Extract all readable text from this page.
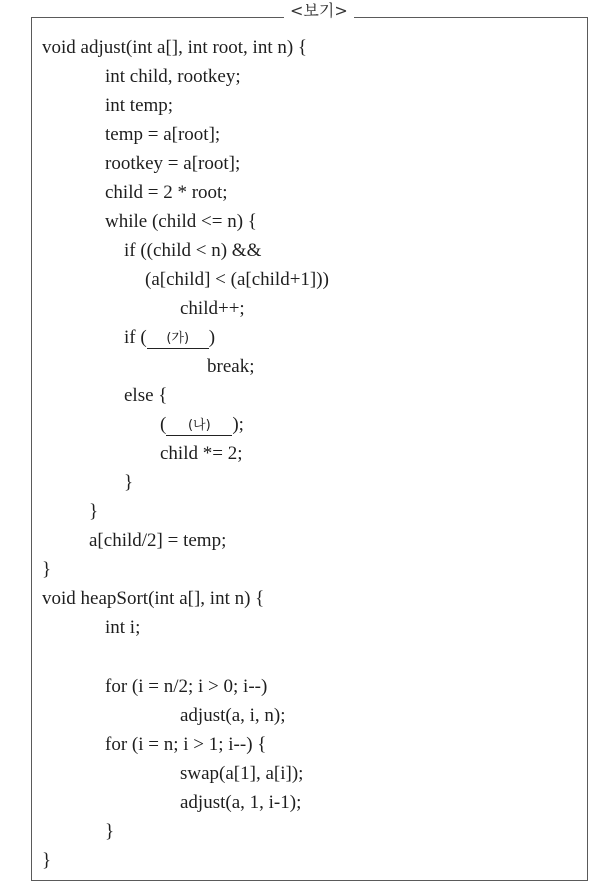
<보기>
void adjust(int a[], int root, int n) {
int child, rootkey;
int temp;
temp = a[root];
rootkey = a[root];
child = 2 * root;
while (child <= n) {
if ((child < n) &&
(a[child] < (a[child+1]))
child++;
if ( (가) )
break;
else {
( (나) );
child *= 2;
}
}
a[child/2] = temp;
}
void heapSort(int a[], int n) {
int i;
for (i = n/2; i > 0; i--)
adjust(a, i, n);
for (i = n; i > 1; i--) {
swap(a[1], a[i]);
adjust(a, 1, i-1);
}
}
